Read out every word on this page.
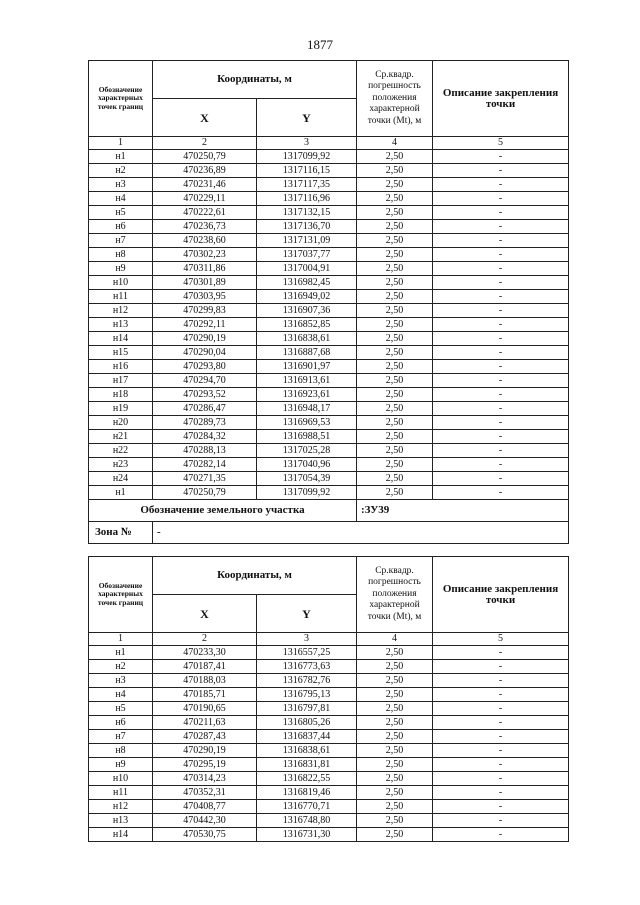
1877
Обозначение характерных точек границ	Координаты, м		Ср.квадр. погрешность положения характерной точки (Mt), м	Описание закрепления точки
	X	Y		
1	2	3	4	5
н1	470250,79	1317099,92	2,50	-
н2	470236,89	1317116,15	2,50	-
н3	470231,46	1317117,35	2,50	-
н4	470229,11	1317116,96	2,50	-
н5	470222,61	1317132,15	2,50	-
н6	470236,73	1317136,70	2,50	-
н7	470238,60	1317131,09	2,50	-
н8	470302,23	1317037,77	2,50	-
н9	470311,86	1317004,91	2,50	-
н10	470301,89	1316982,45	2,50	-
н11	470303,95	1316949,02	2,50	-
н12	470299,83	1316907,36	2,50	-
н13	470292,11	1316852,85	2,50	-
н14	470290,19	1316838,61	2,50	-
н15	470290,04	1316887,68	2,50	-
н16	470293,80	1316901,97	2,50	-
н17	470294,70	1316913,61	2,50	-
н18	470293,52	1316923,61	2,50	-
н19	470286,47	1316948,17	2,50	-
н20	470289,73	1316969,53	2,50	-
н21	470284,32	1316988,51	2,50	-
н22	470288,13	1317025,28	2,50	-
н23	470282,14	1317040,96	2,50	-
н24	470271,35	1317054,39	2,50	-
н1	470250,79	1317099,92	2,50	-
Обозначение земельного участка			:ЗУ39	
Зона №	-			
Обозначение характерных точек границ	Координаты, м		Ср.квадр. погрешность положения характерной точки (Mt), м	Описание закрепления точки
	X	Y		
1	2	3	4	5
н1	470233,30	1316557,25	2,50	-
н2	470187,41	1316773,63	2,50	-
н3	470188,03	1316782,76	2,50	-
н4	470185,71	1316795,13	2,50	-
н5	470190,65	1316797,81	2,50	-
н6	470211,63	1316805,26	2,50	-
н7	470287,43	1316837,44	2,50	-
н8	470290,19	1316838,61	2,50	-
н9	470295,19	1316831,81	2,50	-
н10	470314,23	1316822,55	2,50	-
н11	470352,31	1316819,46	2,50	-
н12	470408,77	1316770,71	2,50	-
н13	470442,30	1316748,80	2,50	-
н14	470530,75	1316731,30	2,50	-
